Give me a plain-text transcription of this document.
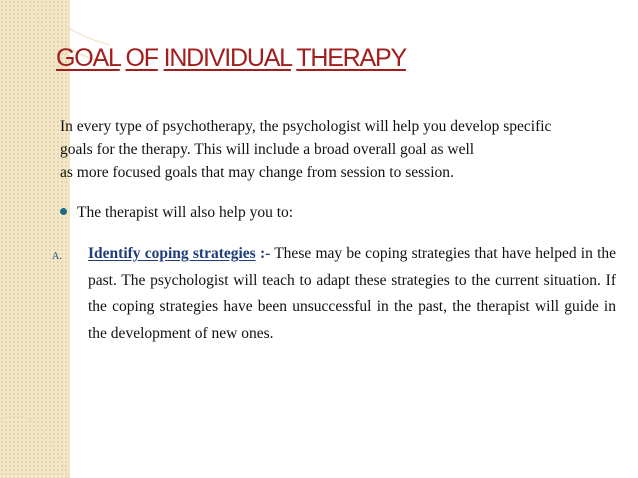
GOAL OF INDIVIDUAL THERAPY
In every type of psychotherapy, the psychologist will help you develop specific
goals for the therapy. This will include a broad overall goal as well
as more focused goals that may change from session to session.
The therapist will also help you to:
A. Identify coping strategies :- These may be coping strategies that have helped in the past. The psychologist will teach to adapt these strategies to the current situation. If the coping strategies have been unsuccessful in the past, the therapist will guide in the development of new ones.
